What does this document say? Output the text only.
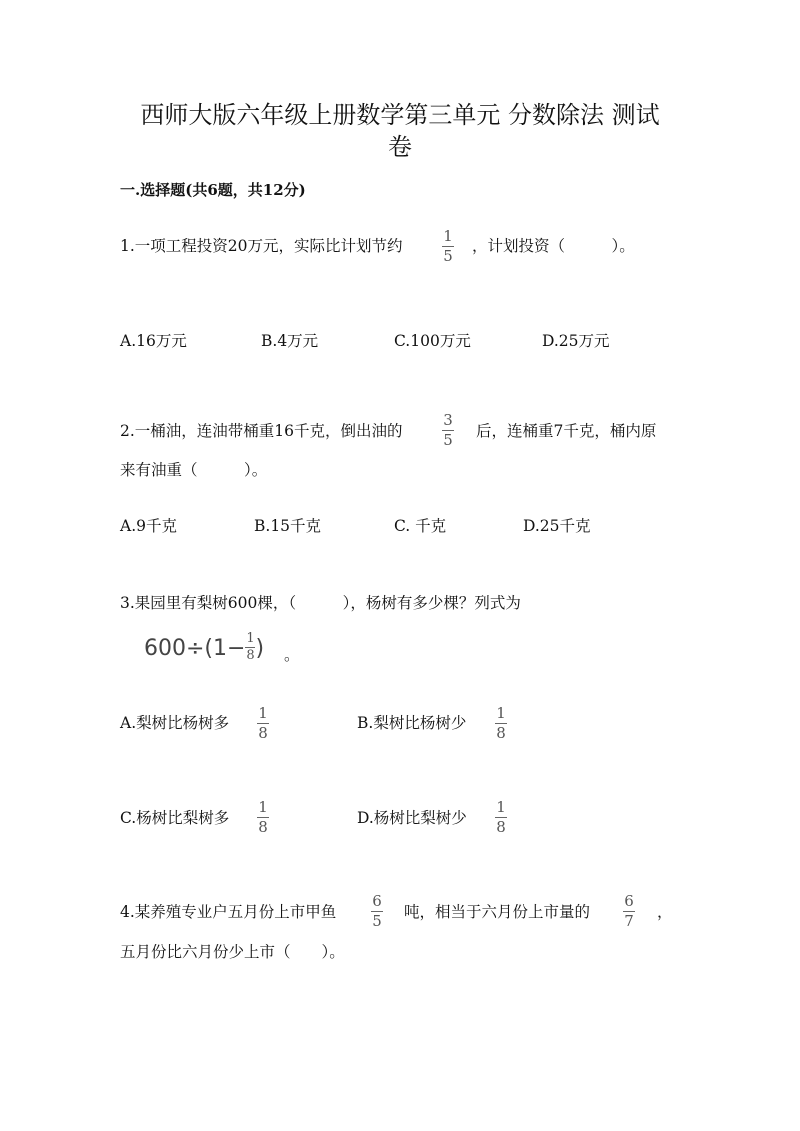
西师大版六年级上册数学第三单元 分数除法 测试
卷
一.选择题(共6题，共12分)
1.一项工程投资20万元，实际比计划节约
1
5
，计划投资（　　　）。
A.16万元	B.4万元	C.100万元	D.25万元
2.一桶油，连油带桶重16千克，倒出油的
3
5 后，连桶重7千克，桶内原
来有油重（　　　）。
A.9千克	B.15千克	C. 千克	D.25千克
3.果园里有梨树600棵，（　　　），杨树有多少棵？列式为
$600\div(1- \frac{1}{8}$ ) 。
A.梨树比杨树多
1
8
B.梨树比杨树少
1
8
C.杨树比梨树多
1
8	D.杨树比梨树少
1
8
4.某养殖专业户五月份上市甲鱼
6
5 吨，相当于六月份上市量的
6
7 ，
五月份比六月份少上市（　　）。
